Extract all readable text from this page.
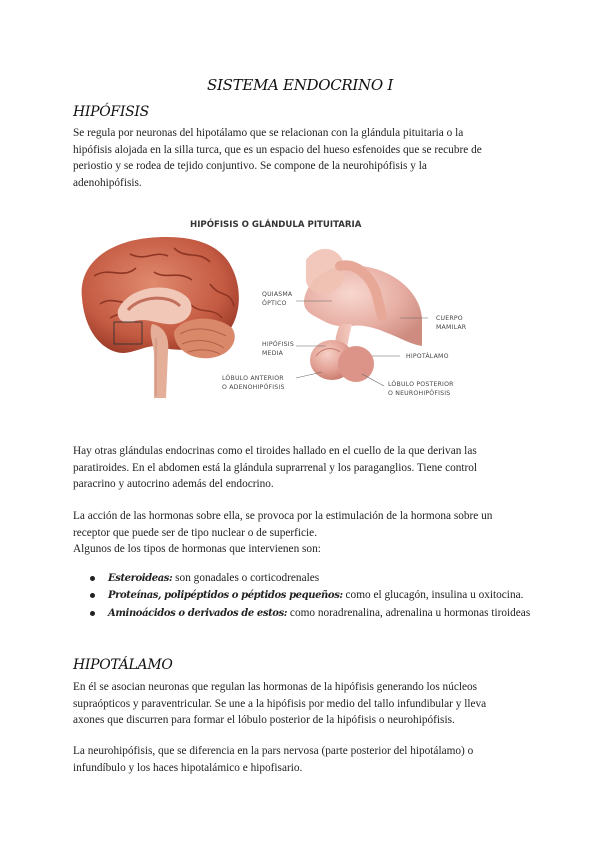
SISTEMA ENDOCRINO I
HIPÓFISIS

Se regula por neuronas del hipotálamo que se relacionan con la glándula pituitaria o la

hipófisis alojada en la silla turca, que es un espacio del hueso esfenoides que se recubre de

periostio y se rodea de tejido conjuntivo. Se compone de la neurohipófisis y la

adenohipófisis.

HIPÓFISIS O GLÁNDULA PITUITARIA
QUIASMA
ÓPTICO
CUERPO
MAMILAR
HIPÓFISIS
MEDIA	HIPOTÁLAMO
LÓBULO ANTERIOR
O ADENOHIPÓFISIS	LÓBULO POSTERIOR
O NEUROHIPÓFISIS

Hay otras glándulas endocrinas como el tiroides hallado en el cuello de la que derivan las

paratiroides. En el abdomen está la glándula suprarrenal y los paraganglios. Tiene control

paracrino y autocrino además del endocrino.

La acción de las hormonas sobre ella, se provoca por la estimulación de la hormona sobre un

receptor que puede ser de tipo nuclear o de superficie.

Algunos de los tipos de hormonas que intervienen son:

Esteroideas: son gonadales o corticodrenales
Proteínas, polipéptidos o péptidos pequeños: como el glucagón, insulina u oxitocina.
Aminoácidos o derivados de estos: como noradrenalina, adrenalina u hormonas tiroideas
HIPOTÁLAMO

En él se asocian neuronas que regulan las hormonas de la hipófisis generando los núcleos

supraópticos y paraventricular. Se une a la hipófisis por medio del tallo infundibular y lleva

axones que discurren para formar el lóbulo posterior de la hipófisis o neurohipófisis.

La neurohipófisis, que se diferencia en la pars nervosa (parte posterior del hipotálamo) o

infundíbulo y los haces hipotalámico e hipofisario.
